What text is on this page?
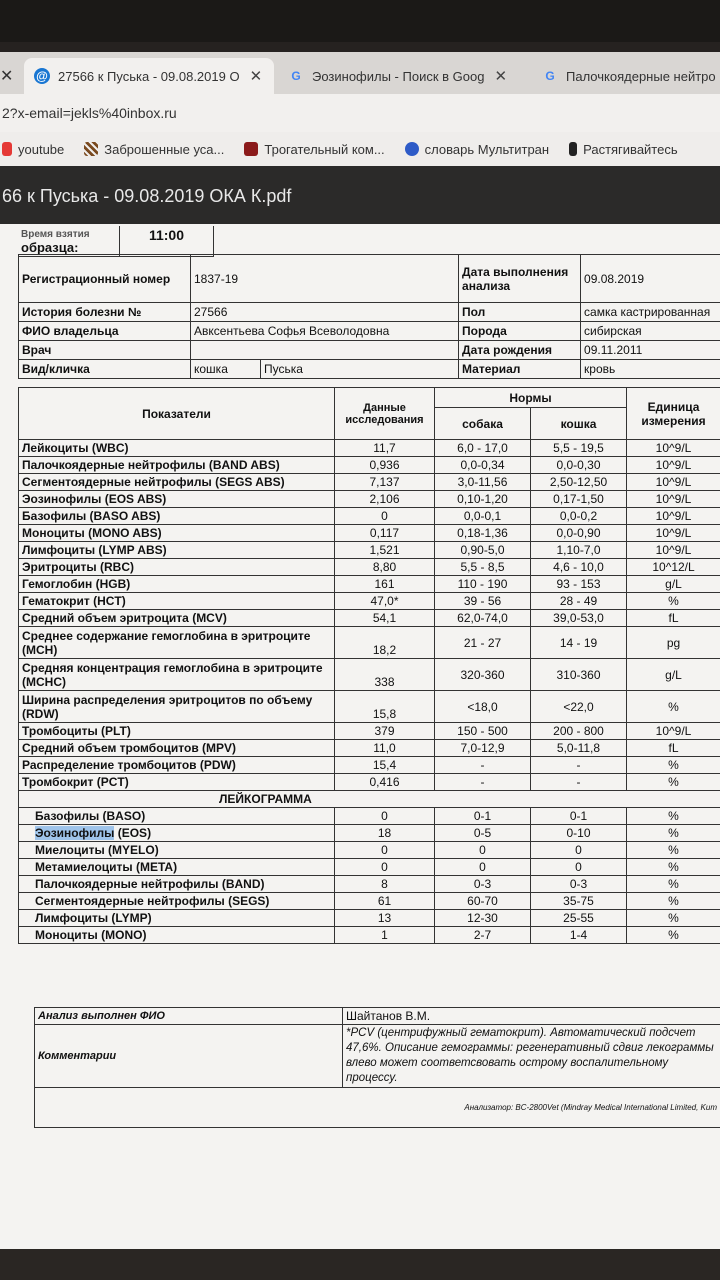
✕ @ 27566 к Пуська - 09.08.2019 О ✕ G Эозинофилы - Поиск в Goog ✕	G Палочкоядерные нейтро
2?x-email=jekls%40inbox.ru
youtube	Заброшенные уса...	Трогательный ком...	словарь Мультитран	Растягивайтесь
66 к Пуська - 09.08.2019 ОКА К.pdf
Время взятия
образца:
	11:00
Регистрационный номер	1837-19		Дата выполнения анализа	09.08.2019
История болезни №	27566		Пол	самка кастрированная
ФИО владельца	Авксентьева Софья Всеволодовна		Порода	сибирская
Врач			Дата рождения	09.11.2011
Вид/кличка	кошка	Пуська	Материал	кровь
Показатели	Данные исследования	Нормы		Единица измерения
		собака	кошка	
Лейкоциты (WBC)	11,7	6,0 - 17,0	5,5 - 19,5	10^9/L
Палочкоядерные нейтрофилы (BAND ABS)	0,936	0,0-0,34	0,0-0,30	10^9/L
Сегментоядерные нейтрофилы (SEGS ABS)	7,137	3,0-11,56	2,50-12,50	10^9/L
Эозинофилы (EOS ABS)	2,106	0,10-1,20	0,17-1,50	10^9/L
Базофилы (BASO ABS)	0	0,0-0,1	0,0-0,2	10^9/L
Моноциты (MONO ABS)	0,117	0,18-1,36	0,0-0,90	10^9/L
Лимфоциты (LYMP ABS)	1,521	0,90-5,0	1,10-7,0	10^9/L
Эритроциты (RBC)	8,80	5,5 - 8,5	4,6 - 10,0	10^12/L
Гемоглобин (HGB)	161	110 - 190	93 - 153	g/L
Гематокрит (HCT)	47,0*	39 - 56	28 - 49	%
Средний объем эритроцита (MCV)	54,1	62,0-74,0	39,0-53,0	fL
Среднее содержание гемоглобина в эритроците (MCH)	18,2	21 - 27	14 - 19	pg
Средняя концентрация гемоглобина в эритроците (MCHC)	338	320-360	310-360	g/L
Ширина распределения эритроцитов по объему (RDW)	15,8	<18,0	<22,0	%
Тромбоциты (PLT)	379	150 - 500	200 - 800	10^9/L
Средний объем тромбоцитов (MPV)	11,0	7,0-12,9	5,0-11,8	fL
Распределение тромбоцитов (PDW)	15,4	-	-	%
Тромбокрит (PCT)	0,416	-	-	%
ЛЕЙКОГРАММА				
Базофилы (BASO)	0	0-1	0-1	%
Эозинофилы (EOS)	18	0-5	0-10	%
Миелоциты (MYELO)	0	0	0	%
Метамиелоциты (META)	0	0	0	%
Палочкоядерные нейтрофилы (BAND)	8	0-3	0-3	%
Сегментоядерные нейтрофилы (SEGS)	61	60-70	35-75	%
Лимфоциты (LYMP)	13	12-30	25-55	%
Моноциты (MONO)	1	2-7	1-4	%
Анализ выполнен ФИО	Шайтанов В.М.
Комментарии	*PCV (центрифужный гематокрит). Автоматический подсчет 47,6%. Описание гемограммы: регенеративный сдвиг лекограммы влево может соответсвовать острому воспалительному процессу.
Анализатор: BC-2800Vet (Mindray Medical International Limited, Kum	
